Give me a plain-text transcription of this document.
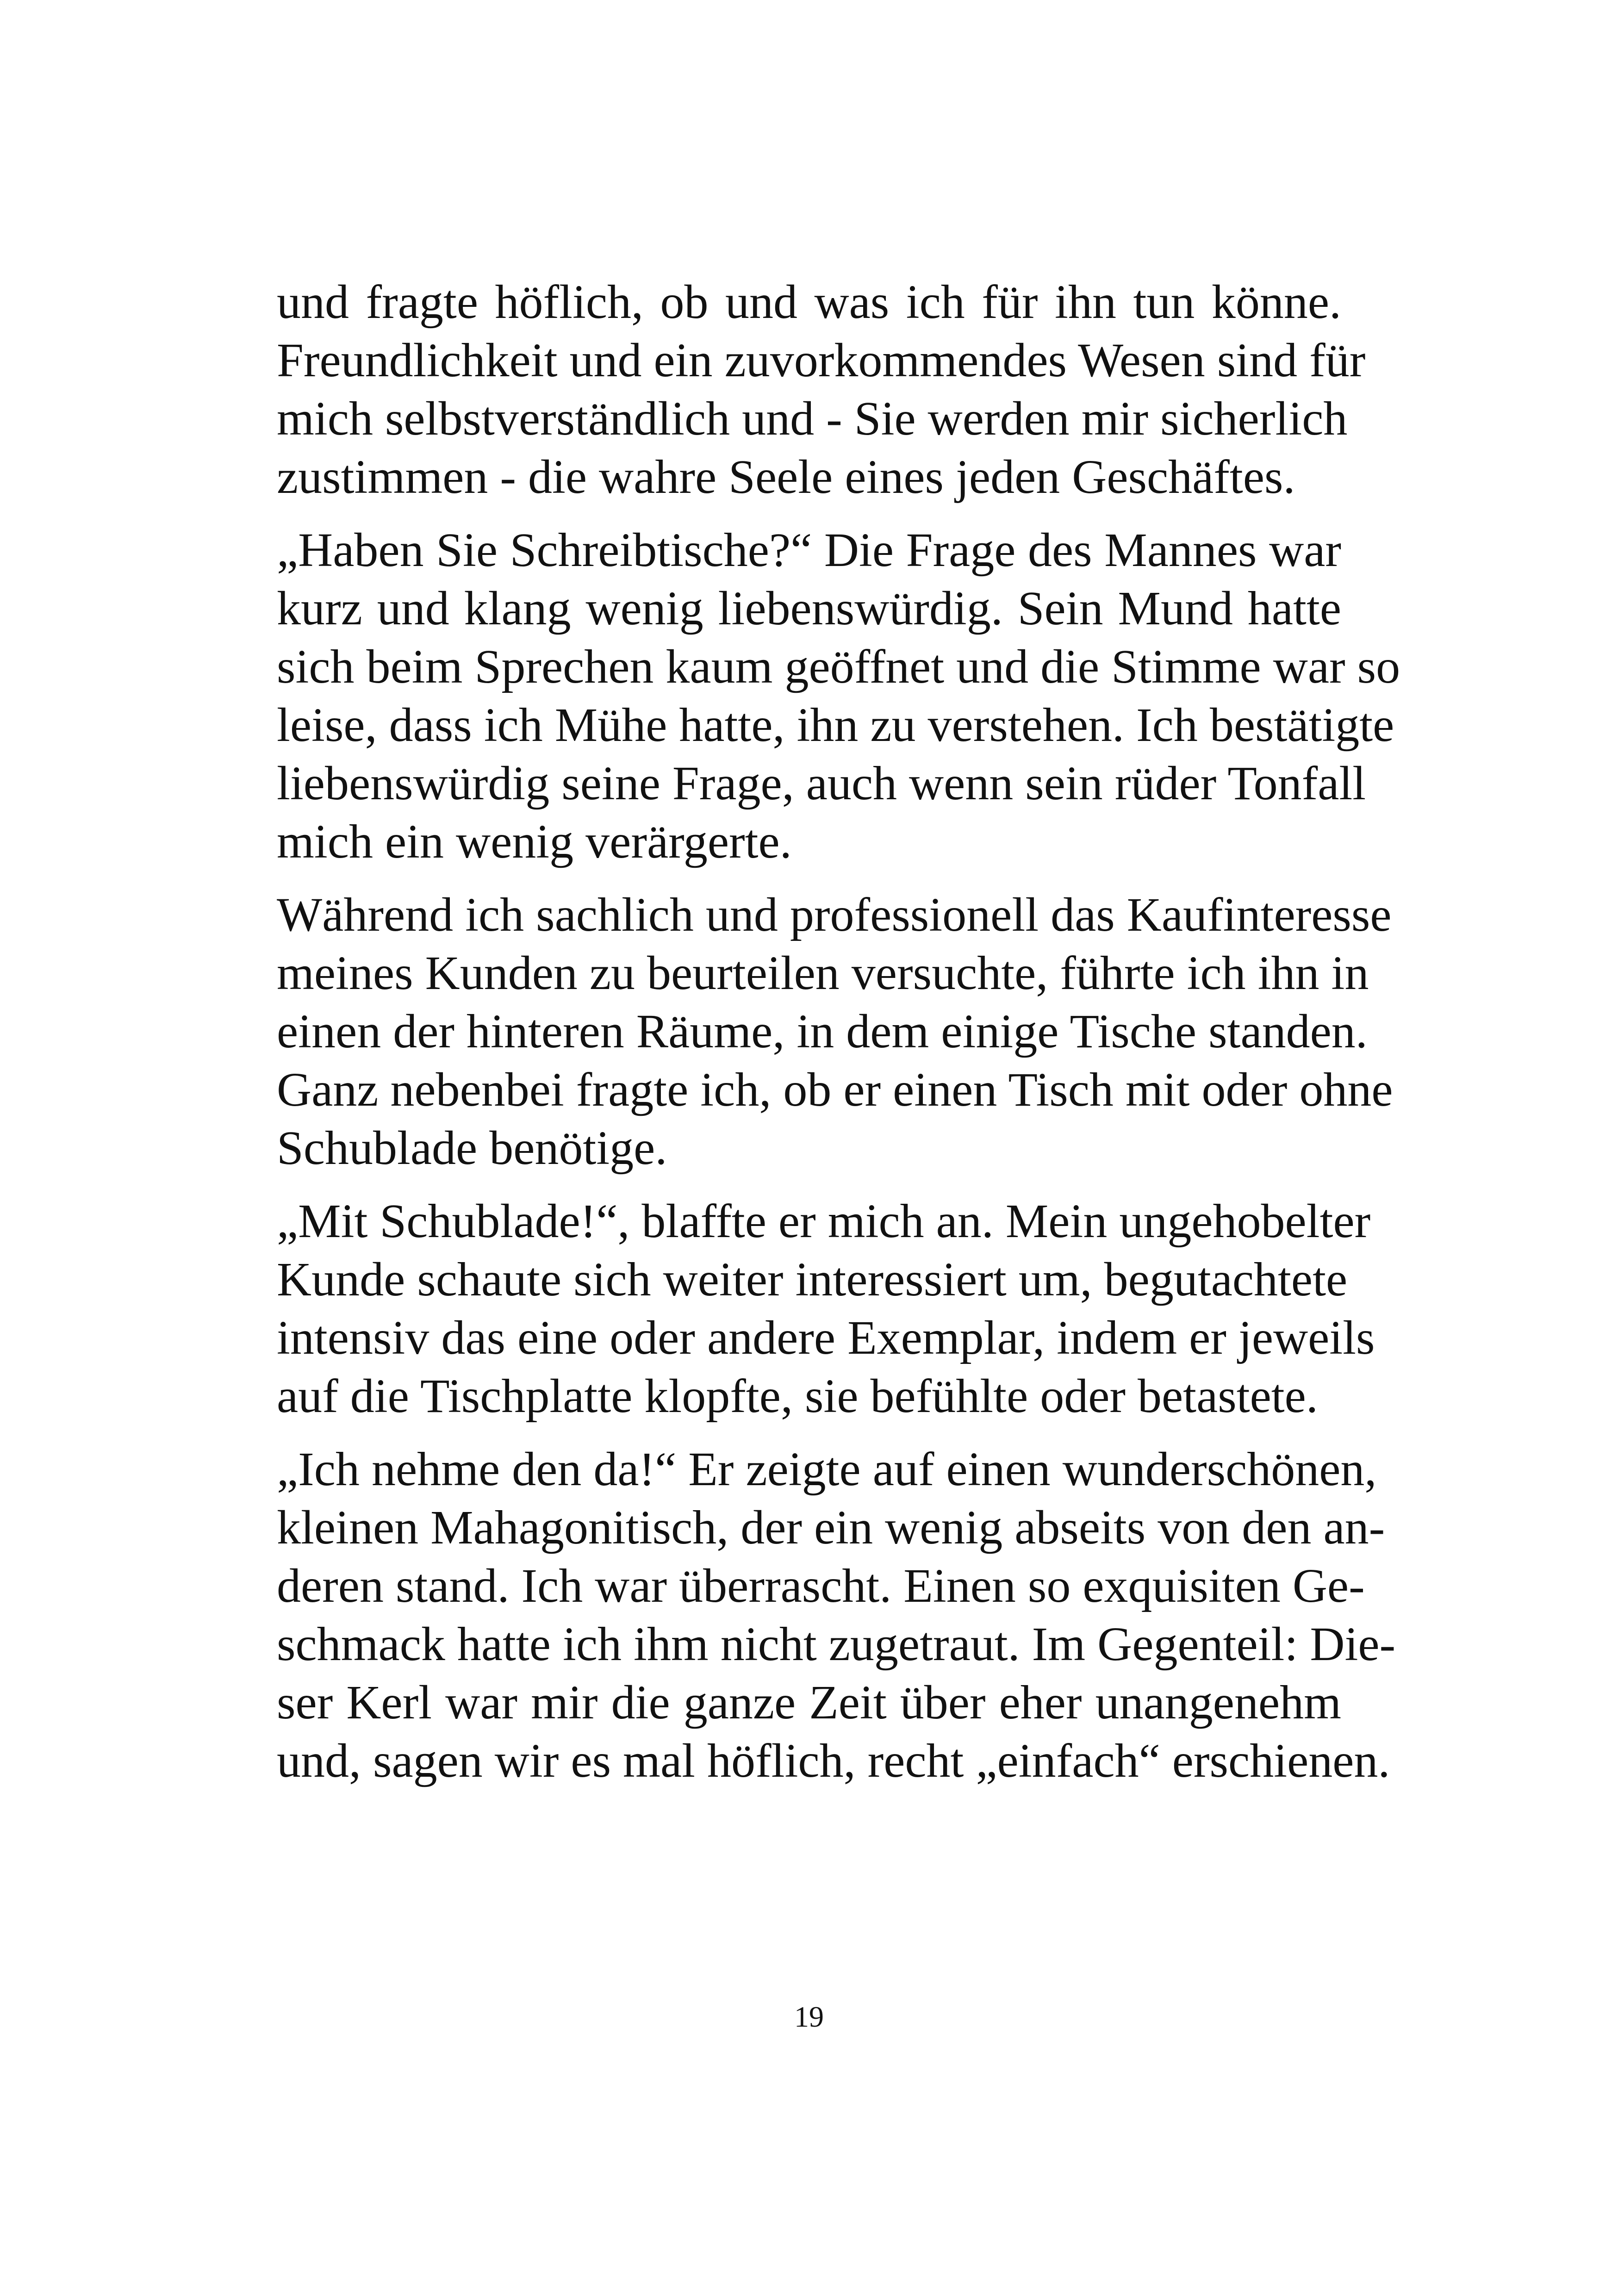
und fragte höflich, ob und was ich für ihn tun könne.
Freundlichkeit und ein zuvorkommendes Wesen sind für
mich selbstverständlich und - Sie werden mir sicherlich
zustimmen - die wahre Seele eines jeden Geschäftes.

„Haben Sie Schreibtische?“ Die Frage des Mannes war
kurz und klang wenig liebenswürdig. Sein Mund hatte
sich beim Sprechen kaum geöffnet und die Stimme war so
leise, dass ich Mühe hatte, ihn zu verstehen. Ich bestätigte
liebenswürdig seine Frage, auch wenn sein rüder Tonfall
mich ein wenig verärgerte.

Während ich sachlich und professionell das Kaufinteresse
meines Kunden zu beurteilen versuchte, führte ich ihn in
einen der hinteren Räume, in dem einige Tische standen.
Ganz nebenbei fragte ich, ob er einen Tisch mit oder ohne
Schublade benötige.

„Mit Schublade!“, blaffte er mich an. Mein ungehobelter
Kunde schaute sich weiter interessiert um, begutachtete
intensiv das eine oder andere Exemplar, indem er jeweils
auf die Tischplatte klopfte, sie befühlte oder betastete.

„Ich nehme den da!“ Er zeigte auf einen wunderschönen,
kleinen Mahagonitisch, der ein wenig abseits von den an-
deren stand. Ich war überrascht. Einen so exquisiten Ge-
schmack hatte ich ihm nicht zugetraut. Im Gegenteil: Die-
ser Kerl war mir die ganze Zeit über eher unangenehm
und, sagen wir es mal höflich, recht „einfach“ erschienen.

19
